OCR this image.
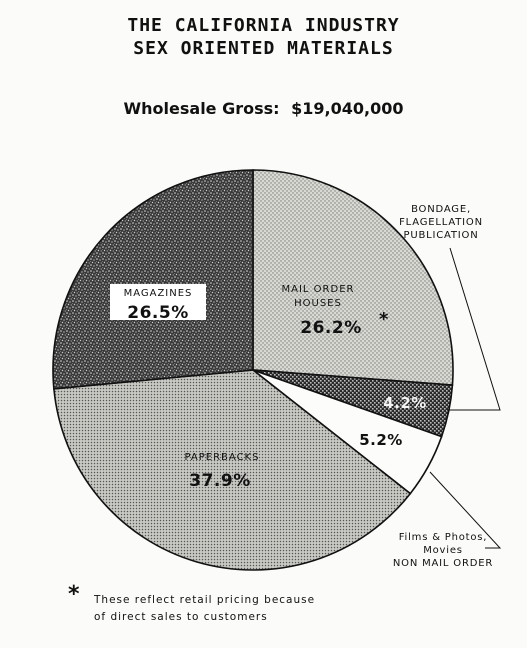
THE CALIFORNIA INDUSTRY
SEX ORIENTED MATERIALS
Wholesale Gross: $19,040,000
MAIL ORDER
HOUSES
26.2% *
4.2%
BONDAGE,
FLAGELLATION
PUBLICATION
5.2%
Films & Photos,
Movies
NON MAIL ORDER
PAPERBACKS
37.9%
MAGAZINES
26.5%
* These reflect retail pricing because
of direct sales to customers
